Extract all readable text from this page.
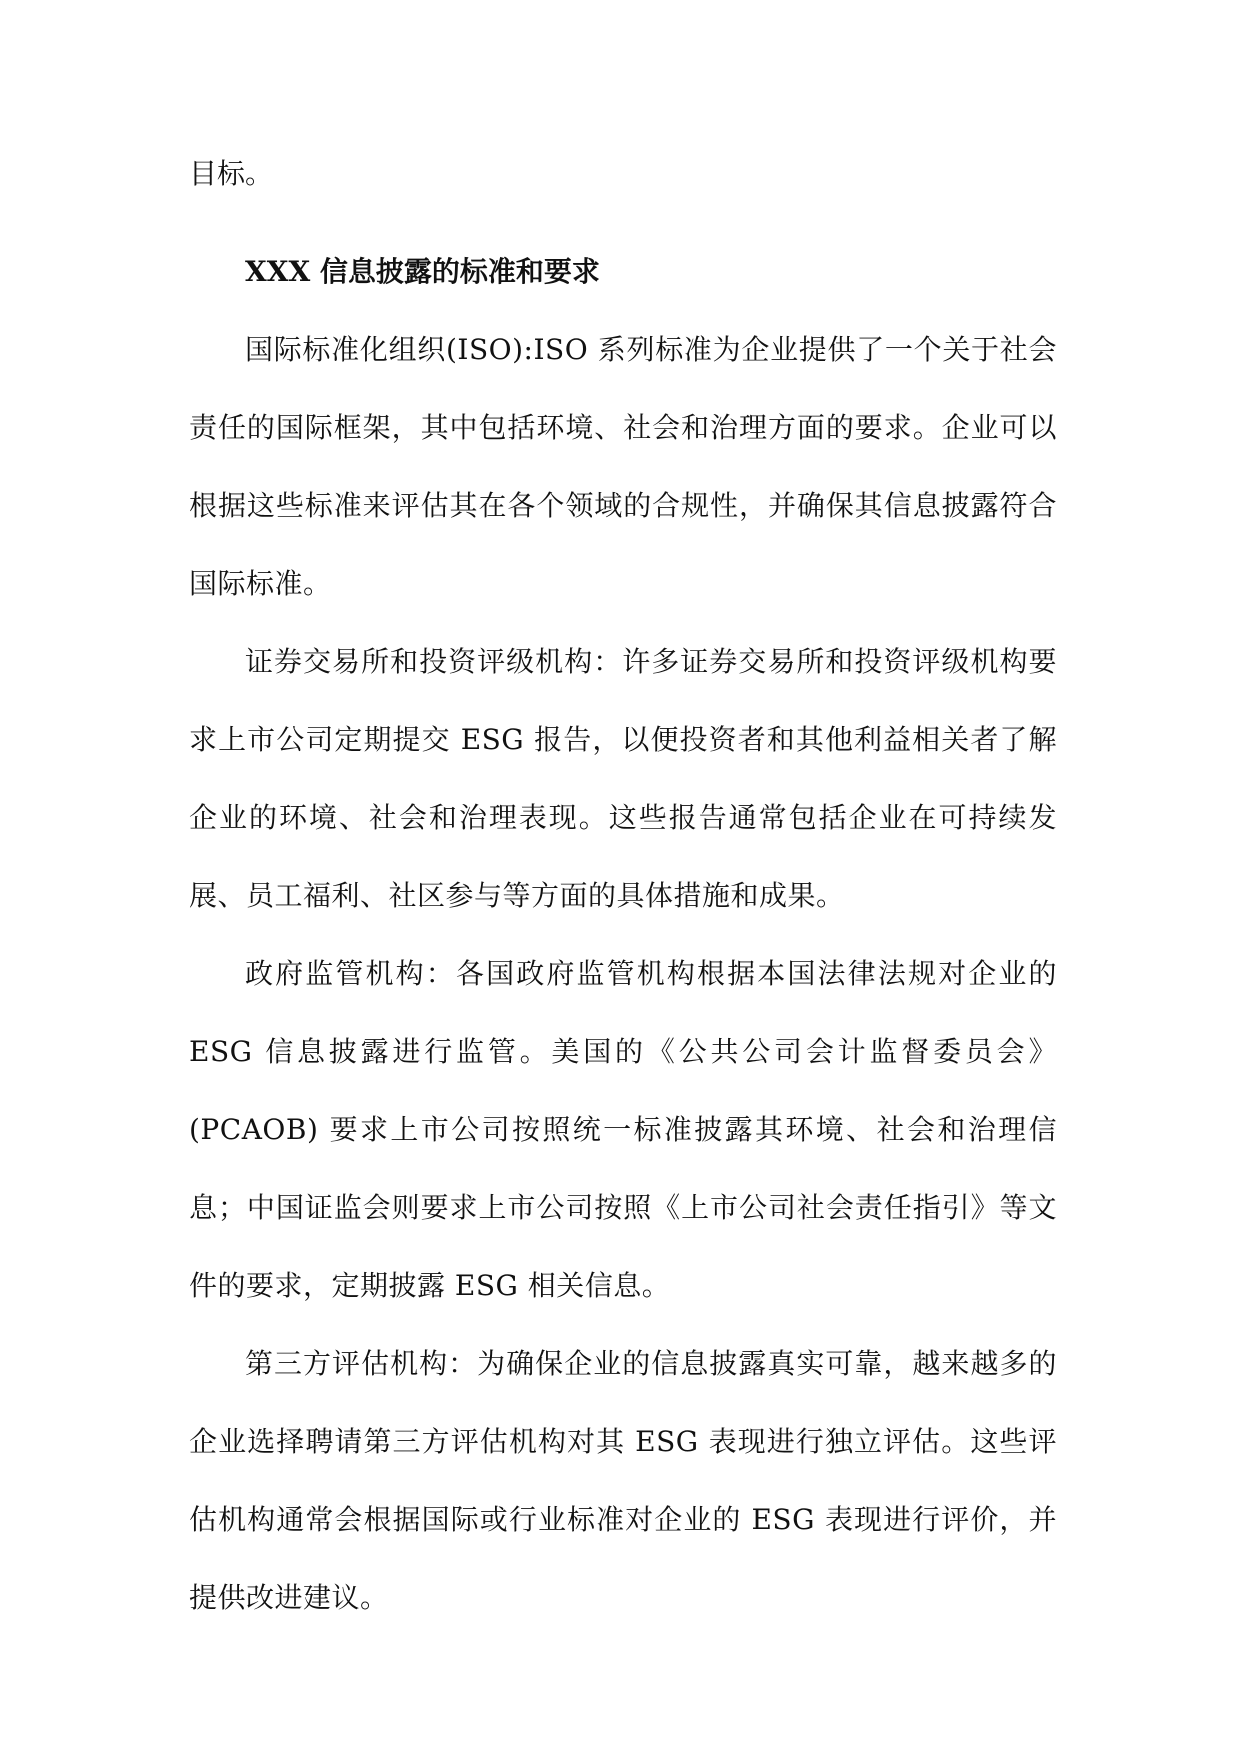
目标。

XXX 信息披露的标准和要求

国际标准化组织(ISO):ISO 系列标准为企业提供了一个关于社会责任的国际框架，其中包括环境、社会和治理方面的要求。企业可以根据这些标准来评估其在各个领域的合规性，并确保其信息披露符合国际标准。

证券交易所和投资评级机构：许多证券交易所和投资评级机构要求上市公司定期提交 ESG 报告，以便投资者和其他利益相关者了解企业的环境、社会和治理表现。这些报告通常包括企业在可持续发展、员工福利、社区参与等方面的具体措施和成果。

政府监管机构：各国政府监管机构根据本国法律法规对企业的 ESG 信息披露进行监管。美国的《公共公司会计监督委员会》(PCAOB) 要求上市公司按照统一标准披露其环境、社会和治理信息；中国证监会则要求上市公司按照《上市公司社会责任指引》等文件的要求，定期披露 ESG 相关信息。

第三方评估机构：为确保企业的信息披露真实可靠，越来越多的企业选择聘请第三方评估机构对其 ESG 表现进行独立评估。这些评估机构通常会根据国际或行业标准对企业的 ESG 表现进行评价，并提供改进建议。
